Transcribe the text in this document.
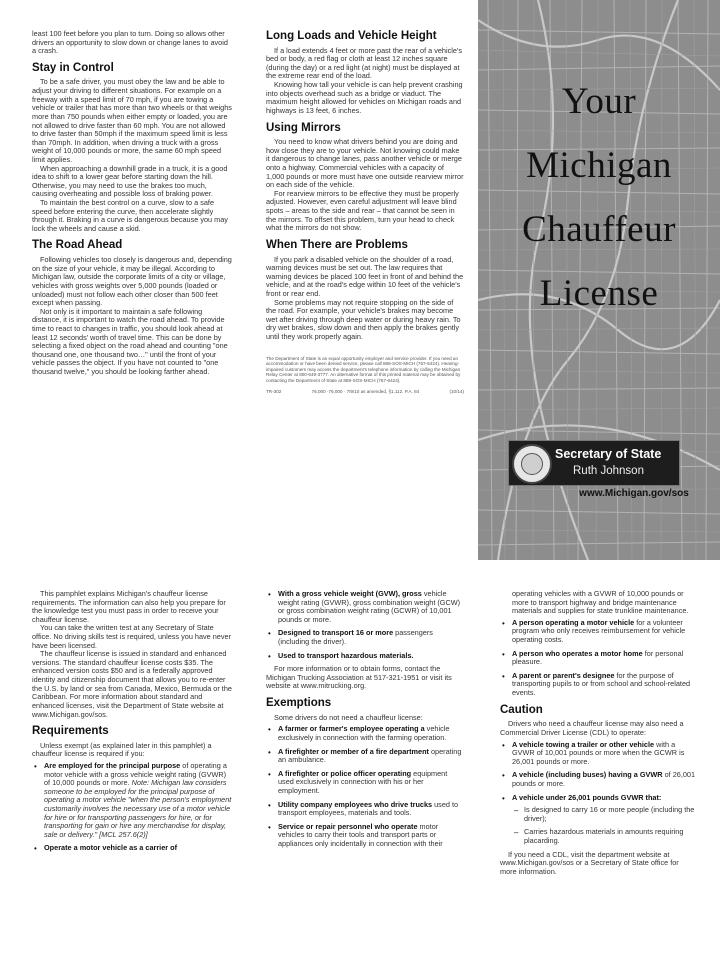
least 100 feet before you plan to turn. Doing so allows other drivers an opportunity to slow down or change lanes to avoid a crash.

Stay in Control

To be a safe driver, you must obey the law and be able to adjust your driving to different situations. For example on a freeway with a speed limit of 70 mph, if you are towing a vehicle or trailer that has more than two wheels or that weighs more than 750 pounds when either empty or loaded, you are not allowed to drive faster than 60 mph. You are not allowed to drive faster than 50mph if the maximum speed limit is less than 70mph. In addition, when driving a truck with a gross weight of 10,000 pounds or more, the same 60 mph speed limit applies.

When approaching a downhill grade in a truck, it is a good idea to shift to a lower gear before starting down the hill. Otherwise, you may need to use the brakes too much, causing overheating and possible loss of braking power.

To maintain the best control on a curve, slow to a safe speed before entering the curve, then accelerate slightly through it. Braking in a curve is dangerous because you may lock the wheels and cause a skid.

The Road Ahead

Following vehicles too closely is dangerous and, depending on the size of your vehicle, it may be illegal. According to Michigan law, outside the corporate limits of a city or village, vehicles with gross weights over 5,000 pounds (loaded or unloaded) must not follow each other closer than 500 feet except when passing.

Not only is it important to maintain a safe following distance, it is important to watch the road ahead. To provide time to react to changes in traffic, you should look ahead at least 12 seconds' worth of travel time. This can be done by selecting a fixed object on the road ahead and counting "one thousand one, one thousand two…" until the front of your vehicle passes the object. If you have not counted to "one thousand twelve," you should be looking farther ahead.

Long Loads and Vehicle Height

If a load extends 4 feet or more past the rear of a vehicle's bed or body, a red flag or cloth at least 12 inches square (during the day) or a red light (at night) must be displayed at the extreme rear end of the load.

Knowing how tall your vehicle is can help prevent crashing into objects overhead such as a bridge or viaduct. The maximum height allowed for vehicles on Michigan roads and highways is 13 feet, 6 inches.

Using Mirrors

You need to know what drivers behind you are doing and how close they are to your vehicle. Not knowing could make it dangerous to change lanes, pass another vehicle or merge onto a highway. Commercial vehicles with a capacity of 1,000 pounds or more must have one outside rearview mirror on each side of the vehicle.

For rearview mirrors to be effective they must be properly adjusted. However, even careful adjustment will leave blind spots – areas to the side and rear – that cannot be seen in the mirrors. To offset this problem, turn your head to check what the mirrors do not show.

When There are Problems

If you park a disabled vehicle on the shoulder of a road, warning devices must be set out. The law requires that warning devices be placed 100 feet in front of and behind the vehicle, and at the road's edge within 10 feet of the vehicle's front or rear end.

Some problems may not require stopping on the side of the road. For example, your vehicle's brakes may become wet after driving through deep water or during heavy rain. To dry wet brakes, slow down and then apply the brakes gently until they work properly again.

The Department of State is an equal opportunity employer and service provider. If you need an accommodation or have been denied service, please call 888-SOS-MICH (767-6424). Hearing-impaired customers may access the department's telephone information by calling the Michigan Relay Center at 800-649-3777. An alternative format of this printed material may be obtained by contacting the Department of State at 888-SOS-MICH (767-6424).
TR-302	76,000 ·76,000 · 7/9/10 as amended, §1.112. P.A. 84	(10/14)
Your
Michigan
Chauffeur
License
Secretary of State
Ruth Johnson
www.Michigan.gov/sos

This pamphlet explains Michigan's chauffeur license requirements. The information can also help you prepare for the knowledge test you must pass in order to receive your chauffeur license.

You can take the written test at any Secretary of State office. No driving skills test is required, unless you have never have been licensed.

The chauffeur license is issued in standard and enhanced versions. The standard chauffeur license costs $35. The enhanced version costs $50 and is a federally approved identity and citizenship document that allows you to re-enter the U.S. by land or sea from Canada, Mexico, Bermuda or the Caribbean. For more information about standard and enhanced licenses, visit the Department of State website at www.Michigan.gov/sos.

Requirements

Unless exempt (as explained later in this pamphlet) a chauffeur license is required if you:

• Are employed for the principal purpose of operating a motor vehicle with a gross vehicle weight rating (GVWR) of 10,000 pounds or more. Note: Michigan law considers someone to be employed for the principal purpose of operating a motor vehicle "when the person's employment customarily involves the necessary use of a motor vehicle for hire or for transporting passengers for hire, or for transporting for gain or hire any merchandise for display, sale or delivery." [MCL 257.6(2)]
• Operate a motor vehicle as a carrier of
• With a gross vehicle weight (GVW), gross vehicle weight rating (GVWR), gross combination weight (GCW) or gross combination weight rating (GCWR) of 10,001 pounds or more.
• Designed to transport 16 or more passengers (including the driver).
• Used to transport hazardous materials.

For more information or to obtain forms, contact the Michigan Trucking Association at 517-321-1951 or visit its website at www.mitrucking.org.

Exemptions

Some drivers do not need a chauffeur license:

• A farmer or farmer's employee operating a vehicle exclusively in connection with the farming operation.
• A firefighter or member of a fire department operating an ambulance.
• A firefighter or police officer operating equipment used exclusively in connection with his or her employment.
• Utility company employees who drive trucks used to transport employees, materials and tools.
• Service or repair personnel who operate motor vehicles to carry their tools and transport parts or appliances only incidentally in connection with their

operating vehicles with a GVWR of 10,000 pounds or more to transport highway and bridge maintenance materials and supplies for state trunkline maintenance.

• A person operating a motor vehicle for a volunteer program who only receives reimbursement for vehicle operating costs.
• A person who operates a motor home for personal pleasure.
• A parent or parent's designee for the purpose of transporting pupils to or from school and school-related events.
Caution

Drivers who need a chauffeur license may also need a Commercial Driver License (CDL) to operate:

• A vehicle towing a trailer or other vehicle with a GVWR of 10,001 pounds or more when the GCWR is 26,001 pounds or more.
• A vehicle (including buses) having a GVWR of 26,001 pounds or more.
• A vehicle under 26,001 pounds GVWR that:
– Is designed to carry 16 or more people (including the driver);
– Carries hazardous materials in amounts requiring placarding.

If you need a CDL, visit the department website at www.Michigan.gov/sos or a Secretary of State office for more information.
